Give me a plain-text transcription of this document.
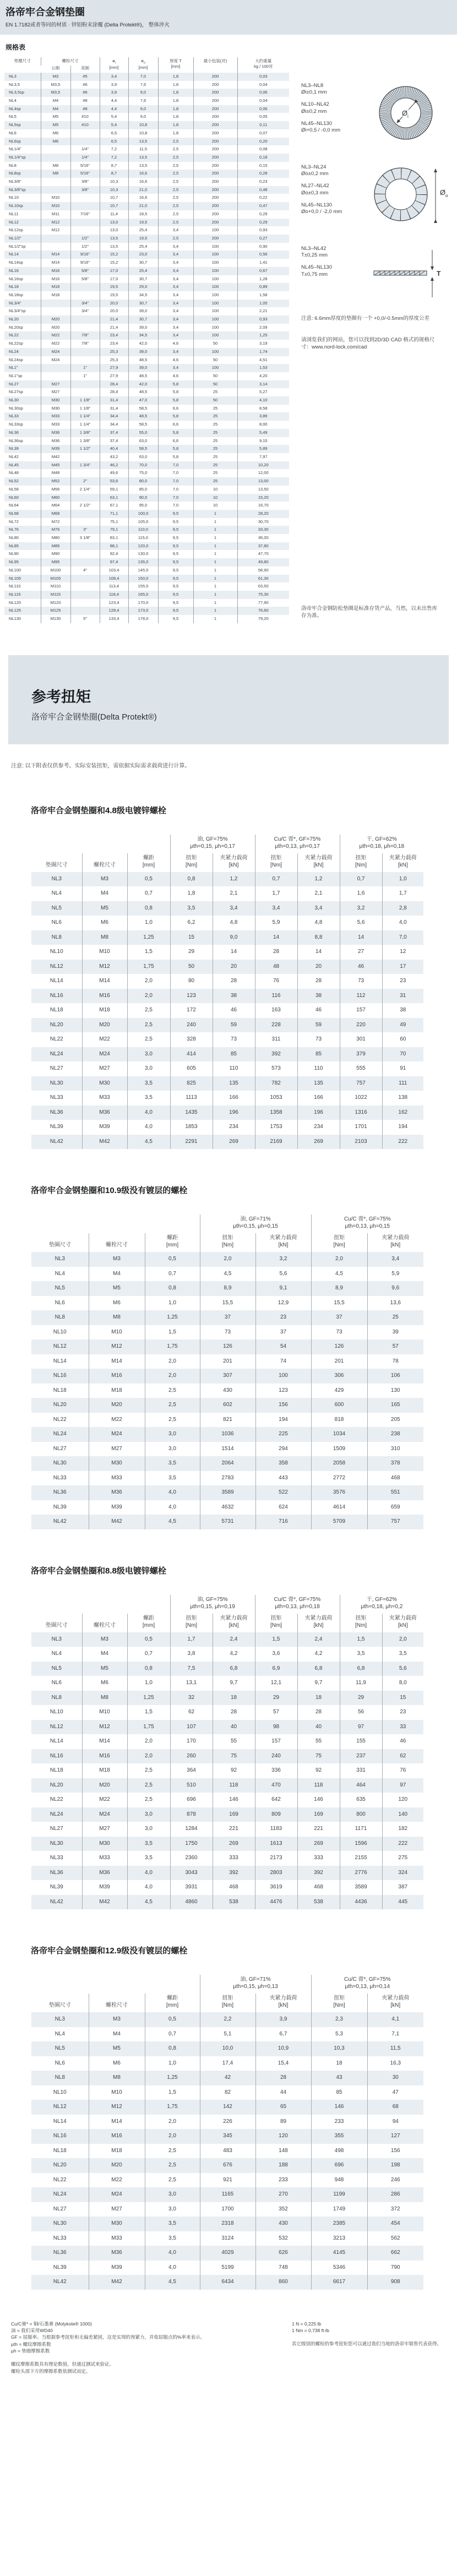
洛帝牢合金钢垫圈
EN 1.7182或者等同的材质 · 锌铝粉末涂覆 (Delta Protekt®)， 整体淬火
规格表
垫圈尺寸	螺栓尺寸	$ø_i$
[mm]

$ø_o$
[mm]

厚度 T
[mm]
	最小包装(对)	大约重量
kg / 100对

	公制	美制					
NL3	M3	#5	3,4	7,0	1,8	200	0,03
NL3,5	M3,5	#6	3,9	7,6	1,8	200	0,04
NL3,5sp	M3,5	#6	3,9	9,0	1,8	200	0,06
NL4	M4	#8	4,4	7,6	1,8	200	0,04
NL4sp	M4	#8	4,4	9,0	1,8	200	0,06
NL5	M5	#10	5,4	9,0	1,8	200	0,05
NL5sp	M5	#10	5,4	10,8	1,8	200	0,11
NL6	M6		6,5	10,8	1,8	200	0,07
NL6sp	M6		6,5	13,5	2,5	200	0,20
NL1/4"		1/4"	7,2	11,5	2,5	200	0,08
NL1/4"sp		1/4"	7,2	13,5	2,5	200	0,18
NL8	M8	5/16"	8,7	13,5	2,5	200	0,15
NL8sp	M8	5/16"	8,7	16,6	2,5	200	0,28
NL3/8"		3/8"	10,3	16,6	2,5	200	0,23
NL3/8"sp		3/8"	10,3	21,0	2,5	200	0,48
NL10	M10		10,7	16,6	2,5	200	0,22
NL10sp	M10		10,7	21,0	2,5	200	0,47
NL11	M11	7/16"	11,4	18,5	2,5	200	0,29
NL12	M12		13,0	19,5	2,5	200	0,29
NL12sp	M12		13,0	25,4	3,4	100	0,93
NL1/2"		1/2"	13,5	19,5	2,5	200	0,27
NL1/2"sp		1/2"	13,5	25,4	3,4	100	0,90
NL14	M14	9/16"	15,2	23,0	3,4	100	0,56
NL14sp	M14	9/16"	15,2	30,7	3,4	100	1,41
NL16	M16	5/8"	17,0	25,4	3,4	100	0,67
NL16sp	M16	5/8"	17,0	30,7	3,4	100	1,28
NL18	M18		19,5	29,0	3,4	100	0,89
NL18sp	M18		19,5	34,5	3,4	100	1,58
NL3/4"		3/4"	20,0	30,7	3,4	100	1,05
NL3/4"sp		3/4"	20,0	39,0	3,4	100	2,21
NL20	M20		21,4	30,7	3,4	100	0,93
NL20sp	M20		21,4	39,0	3,4	100	2,09
NL22	M22	7/8"	23,4	34,5	3,4	100	1,25
NL22sp	M22	7/8"	23,4	42,0	4,6	50	3,19
NL24	M24		25,3	39,0	3,4	100	1,74
NL24sp	M24		25,3	48,5	4,6	50	4,51
NL1"		1"	27,9	39,0	3,4	100	1,53
NL1"sp		1"	27,9	48,5	4,6	50	4,20
NL27	M27		28,4	42,0	5,8	50	3,14
NL27sp	M27		28,4	48,5	5,8	25	5,27
NL30	M30	1 1/8"	31,4	47,0	5,8	50	4,10
NL30sp	M30	1 1/8"	31,4	58,5	6,6	25	8,58
NL33	M33	1 1/4"	34,4	48,5	5,8	25	3,89
NL33sp	M33	1 1/4"	34,4	58,5	6,6	25	8,00
NL36	M36	1 3/8"	37,4	55,0	5,8	25	5,49
NL36sp	M36	1 3/8"	37,4	63,0	6,6	25	9,15
NL39	M39	1 1/2"	40,4	58,5	5,8	25	5,89
NL42	M42		43,2	63,0	5,8	25	7,97
NL45	M45	1 3/4"	46,2	70,0	7,0	25	10,20
NL48	M48		49,6	75,0	7,0	25	12,00
NL52	M52	2"	53,6	80,0	7,0	25	13,00
NL56	M56	2 1/4"	59,1	85,0	7,0	10	13,50
NL60	M60		63,1	90,0	7,0	10	15,20
NL64	M64	2 1/2"	67,1	95,0	7,0	10	16,70
NL68	M68		71,1	100,0	9,5	1	28,20
NL72	M72		75,1	105,0	9,5	1	30,70
NL76	M76	3"	79,1	110,0	9,5	1	33,30
NL80	M80	3 1/8"	83,1	115,0	9,5	1	36,00
NL85	M85		88,1	120,0	9,5	1	37,80
NL90	M90		92,4	130,0	9,5	1	47,70
NL95	M95		97,4	135,0	9,5	1	49,80
NL100	M100	4"	103,4	145,0	9,5	1	58,90
NL105	M105		108,4	150,0	9,5	1	61,30
NL110	M110		113,4	155,0	9,5	1	63,50
NL115	M115		118,4	165,0	9,5	1	75,30
NL120	M120		123,4	170,0	9,5	1	77,90
NL125	M125		128,4	173,0	9,5	1	76,60
NL130	M130	5"	133,4	178,0	9,5	1	79,20
NL3–NL8
Øi±0,1 mm
NL10–NL42
Øi±0,2 mm
NL45–NL130
Øi+0,5 / -0,0 mm
Ø i
NL3–NL24
Øo±0,2 mm
NL27–NL42
Øo±0,3 mm
NL45–NL130
Øo+0,0 / -2,0 mm
Ø o
NL3–NL42
T±0,25 mm
NL45–NL130
T±0,75 mm	T
注意: 6.6mm厚度的垫圈有一个 +0,0/-0.5mm的厚度公差
请浏览我们的网站，您可以找到2D/3D CAD 格式的规格尺寸：www.nord-lock.com/cad
洛帝牢合金钢防松垫圈是标准存货产品，当然，以未出售库存为准。
参考扭矩
洛帝牢合金钢垫圈(Delta Protekt®)
注意: 以下附表仅供参考。实际安装扭矩，需依据实际需求载荷进行计算。
洛帝牢合金钢垫圈和4.8级电镀锌螺栓

油, GF=75%
μth=0,15, μh=0,17

Cu/C 膏*, GF=75%
μth=0,13, μh=0,17

干, GF=62%
μth=0,18, μh=0,18

垫圈尺寸	螺栓尺寸

螺距
[mm]

扭矩
[Nm]

夹紧力载荷
[kN]

扭矩
[Nm]

夹紧力载荷
[kN]

扭矩
[Nm]

夹紧力载荷
[kN]

NL3	M3	0,5	0,8	1,2	0,7	1,2	0,7	1,0
NL4	M4	0,7	1,8	2,1	1,7	2,1	1,6	1,7
NL5	M5	0,8	3,5	3,4	3,4	3,4	3,2	2,8
NL6	M6	1,0	6,2	4,8	5,9	4,8	5,6	4,0
NL8	M8	1,25	15	9,0	14	8,8	14	7,0
NL10	M10	1,5	29	14	28	14	27	12
NL12	M12	1,75	50	20	48	20	46	17
NL14	M14	2,0	80	28	76	28	73	23
NL16	M16	2,0	123	38	116	38	112	31
NL18	M18	2,5	172	46	163	46	157	38
NL20	M20	2,5	240	59	228	59	220	49
NL22	M22	2,5	328	73	311	73	301	60
NL24	M24	3,0	414	85	392	85	379	70
NL27	M27	3,0	605	110	573	110	555	91
NL30	M30	3,5	825	135	782	135	757	111
NL33	M33	3,5	1113	166	1053	166	1022	138
NL36	M36	4,0	1435	196	1358	196	1316	162
NL39	M39	4,0	1853	234	1753	234	1701	194
NL42	M42	4,5	2291	269	2169	269	2103	222
洛帝牢合金钢垫圈和10.9级没有镀层的螺栓

油, GF=71%
μth=0,15, μh=0,15

Cu/C 膏*, GF=75%
μth=0,13, μh=0,15

垫圈尺寸	螺栓尺寸

螺距
[mm]

扭矩
[Nm]

夹紧力载荷
[kN]

扭矩
[Nm]

夹紧力载荷
[kN]

NL3	M3	0,5	2,0	3,2	2,0	3,4
NL4	M4	0,7	4,5	5,6	4,5	5,9
NL5	M5	0,8	8,9	9,1	8,9	9,6
NL6	M6	1,0	15,5	12,9	15,5	13,6
NL8	M8	1,25	37	23	37	25
NL10	M10	1,5	73	37	73	39
NL12	M12	1,75	126	54	126	57
NL14	M14	2,0	201	74	201	78
NL16	M16	2,0	307	100	306	106
NL18	M18	2,5	430	123	429	130
NL20	M20	2,5	602	156	600	165
NL22	M22	2,5	821	194	818	205
NL24	M24	3,0	1036	225	1034	238
NL27	M27	3,0	1514	294	1509	310
NL30	M30	3,5	2064	358	2058	378
NL33	M33	3,5	2783	443	2772	468
NL36	M36	4,0	3589	522	3576	551
NL39	M39	4,0	4632	624	4614	659
NL42	M42	4,5	5731	716	5709	757
洛帝牢合金钢垫圈和8.8级电镀锌螺栓

油, GF=75%
μth=0,15, μh=0,19

Cu/C 膏*, GF=75%
μth=0,13, μh=0,18

干, GF=62%
μth=0,18, μh=0,2

垫圈尺寸	螺栓尺寸

螺距
[mm]

扭矩
[Nm]

夹紧力载荷
[kN]

扭矩
[Nm]

夹紧力载荷
[kN]

扭矩
[Nm]

夹紧力载荷
[kN]

NL3	M3	0,5	1,7	2,4	1,5	2,4	1,5	2,0
NL4	M4	0,7	3,8	4,2	3,6	4,2	3,5	3,5
NL5	M5	0,8	7,5	6,8	6,9	6,8	6,8	5,6
NL6	M6	1,0	13,1	9,7	12,1	9,7	11,9	8,0
NL8	M8	1,25	32	18	29	18	29	15
NL10	M10	1,5	62	28	57	28	56	23
NL12	M12	1,75	107	40	98	40	97	33
NL14	M14	2,0	170	55	157	55	155	46
NL16	M16	2,0	260	75	240	75	237	62
NL18	M18	2,5	364	92	336	92	331	76
NL20	M20	2,5	510	118	470	118	464	97
NL22	M22	2,5	696	146	642	146	635	120
NL24	M24	3,0	878	169	809	169	800	140
NL27	M27	3,0	1284	221	1183	221	1171	182
NL30	M30	3,5	1750	269	1613	269	1596	222
NL33	M33	3,5	2360	333	2173	333	2155	275
NL36	M36	4,0	3043	392	2803	392	2776	324
NL39	M39	4,0	3931	468	3619	468	3589	387
NL42	M42	4,5	4860	538	4476	538	4436	445
洛帝牢合金钢垫圈和12.9级没有镀层的螺栓

油, GF=71%
μth=0,15, μh=0,13

Cu/C 膏*, GF=75%
μth=0,13, μh=0,14

垫圈尺寸	螺栓尺寸

螺距
[mm]

扭矩
[Nm]

夹紧力载荷
[kN]

扭矩
[Nm]

夹紧力载荷
[kN]

NL3	M3	0,5	2,2	3,9	2,3	4,1
NL4	M4	0,7	5,1	6,7	5,3	7,1
NL5	M5	0,8	10,0	10,9	10,3	11,5
NL6	M6	1,0	17,4	15,4	18	16,3
NL8	M8	1,25	42	28	43	30
NL10	M10	1,5	82	44	85	47
NL12	M12	1,75	142	65	146	68
NL14	M14	2,0	226	89	233	94
NL16	M16	2,0	345	120	355	127
NL18	M18	2,5	483	148	498	156
NL20	M20	2,5	676	188	696	198
NL22	M22	2,5	921	233	948	246
NL24	M24	3,0	1165	270	1199	286
NL27	M27	3,0	1700	352	1749	372
NL30	M30	3,5	2318	430	2385	454
NL33	M33	3,5	3124	532	3213	562
NL36	M36	4,0	4029	626	4145	662
NL39	M39	4,0	5199	748	5346	790
NL42	M42	4,5	6434	860	6617	908
Cu/C膏* = 铜/石墨膏 (Molykote® 1000)
油 = 我们采用WD40
GF = 屈服率。当根据参考扭矩和无偏差紧固，这是实现的预紧力，并依屈服点的%率来表示。
μth = 螺纹摩擦系数
μh = 垫圈摩擦系数
螺纹摩擦系数具有理论数值，但通过测试来验证。
螺栓头部下方的摩擦系数依测试而定。
1 N = 0,225 lb
1 Nm = 0,738 ft-lb
其它级别的螺栓的参考扭矩您可以通过我们当地的洛帝牢销售代表获得。
